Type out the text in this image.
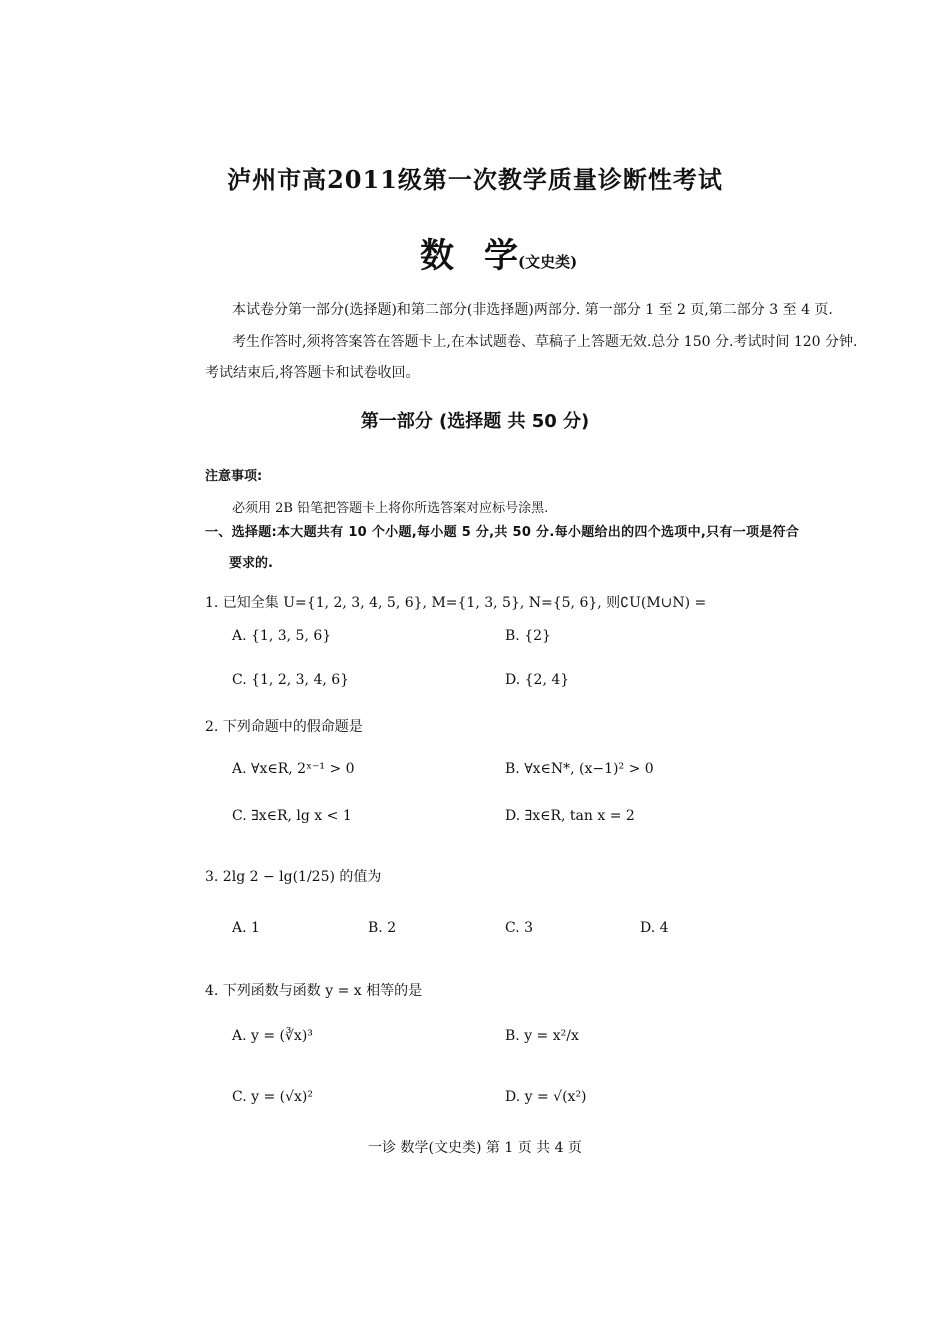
泸州市高2011级第一次教学质量诊断性考试
数 学(文史类)
本试卷分第一部分(选择题)和第二部分(非选择题)两部分. 第一部分 1 至 2 页,第二部分 3 至 4 页.
考生作答时,须将答案答在答题卡上,在本试题卷、草稿子上答题无效.总分 150 分.考试时间 120 分钟.
考试结束后,将答题卡和试卷收回。
第一部分 (选择题 共 50 分)
注意事项:
必须用 2B 铅笔把答题卡上将你所选答案对应标号涂黑.
一、选择题:本大题共有 10 个小题,每小题 5 分,共 50 分.每小题给出的四个选项中,只有一项是符合
要求的.
1. 已知全集 U={1, 2, 3, 4, 5, 6}, M={1, 3, 5}, N={5, 6}, 则∁U(M∪N) =
A. {1, 3, 5, 6}	B. {2}
C. {1, 2, 3, 4, 6}	D. {2, 4}
2. 下列命题中的假命题是
A. ∀x∈R, 2ˣ⁻¹ > 0	B. ∀x∈N*, (x−1)² > 0
C. ∃x∈R, lg x < 1	D. ∃x∈R, tan x = 2
3. 2lg 2 − lg(1/25) 的值为
A. 1	B. 2	C. 3	D. 4
4. 下列函数与函数 y = x 相等的是
A. y = (∛x)³	B. y = x²/x
C. y = (√x)²	D. y = √(x²)
一诊 数学(文史类) 第 1 页 共 4 页
